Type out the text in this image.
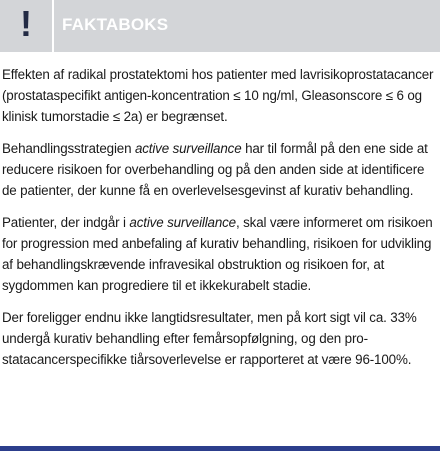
!	FAKTABOKS

Effekten af radikal prostatektomi hos patienter med lavrisikoprostatacancer (prostataspecifikt antigen-koncentration ≤ 10 ng/ml, Gleasonscore ≤ 6 og klinisk tumorstadie ≤ 2a) er begrænset.

Behandlingsstrategien active surveillance har til formål på den ene side at reducere risikoen for overbehandling og på den anden side at identificere de patienter, der kunne få en overlevelsesgevinst af kurativ behandling.

Patienter, der indgår i active surveillance, skal være informeret om risikoen for progression med anbefaling af kurativ behandling, risikoen for udvikling af behandlingskrævende infravesikal obstruktion og risikoen for, at sygdommen kan progrediere til et ikkekurabelt stadie.

Der foreligger endnu ikke langtidsresultater, men på kort sigt vil ca. 33% undergå kurativ behandling efter femårsopfølgning, og den prostatacancerspecifikke tiårsoverlevelse er rapporteret at være 96-100%.
